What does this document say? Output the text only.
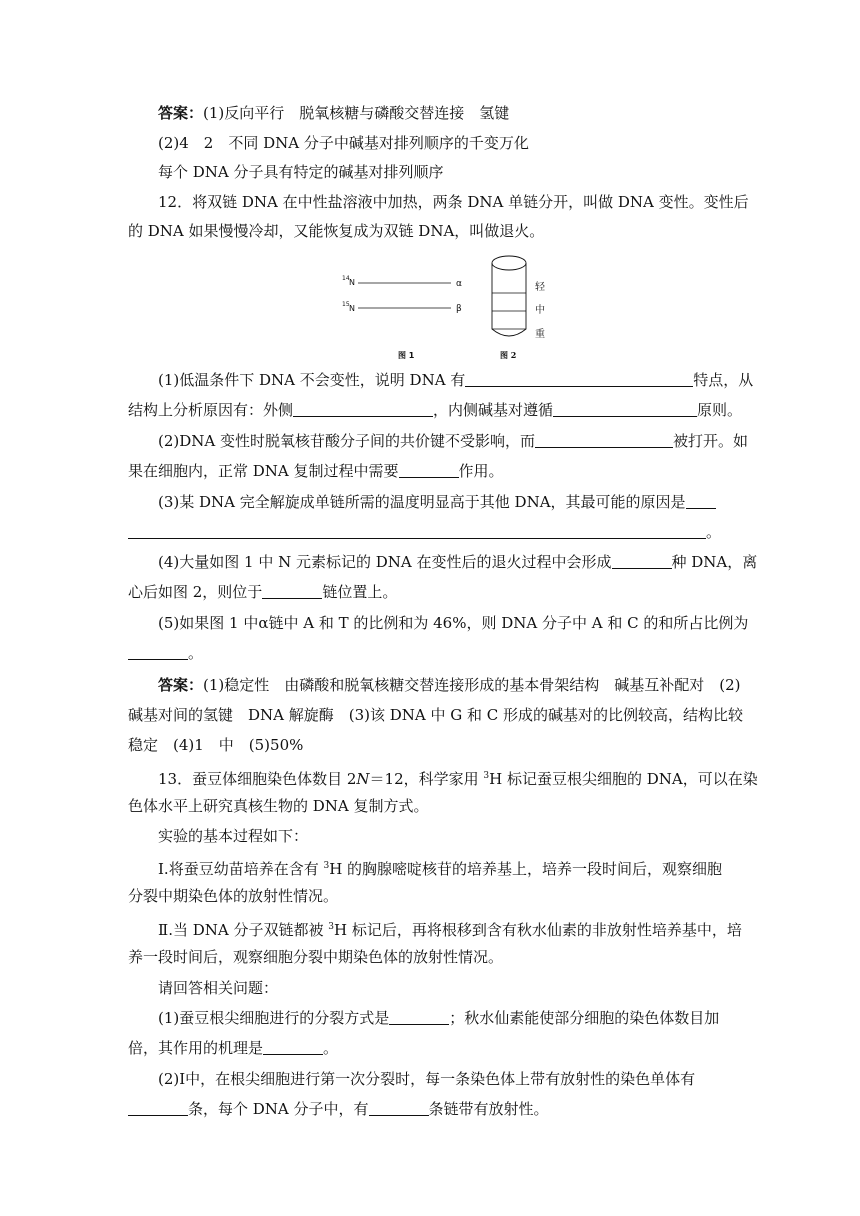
答案：(1)反向平行　脱氧核糖与磷酸交替连接　氢键
(2)4　2　不同 DNA 分子中碱基对排列顺序的千变万化
每个 DNA 分子具有特定的碱基对排列顺序
12．将双链 DNA 在中性盐溶液中加热，两条 DNA 单链分开，叫做 DNA 变性。变性后
的 DNA 如果慢慢冷却，又能恢复成为双链 DNA，叫做退火。
14 N	α
15 N	β
图 1
轻
中
重
图 2
(1)低温条件下 DNA 不会变性，说明 DNA 有	特点，从
结构上分析原因有：外侧	，内侧碱基对遵循	原则。
(2)DNA 变性时脱氧核苷酸分子间的共价键不受影响，而	被打开。如
果在细胞内，正常 DNA 复制过程中需要	作用。
(3)某 DNA 完全解旋成单链所需的温度明显高于其他 DNA，其最可能的原因是
。
(4)大量如图 1 中 N 元素标记的 DNA 在变性后的退火过程中会形成	种 DNA，离
心后如图 2，则位于	链位置上。
(5)如果图 1 中α链中 A 和 T 的比例和为 46%，则 DNA 分子中 A 和 C 的和所占比例为
。
答案：(1)稳定性　由磷酸和脱氧核糖交替连接形成的基本骨架结构　碱基互补配对　(2)
碱基对间的氢键　DNA 解旋酶　(3)该 DNA 中 G 和 C 形成的碱基对的比例较高，结构比较
稳定　(4)1　中　(5)50%
13．蚕豆体细胞染色体数目 2N＝12，科学家用 $^3$H 标记蚕豆根尖细胞的 DNA，可以在染
色体水平上研究真核生物的 DNA 复制方式。
实验的基本过程如下：
Ⅰ.将蚕豆幼苗培养在含有 $^3$H 的胸腺嘧啶核苷的培养基上，培养一段时间后，观察细胞
分裂中期染色体的放射性情况。
Ⅱ.当 DNA 分子双链都被 $^3$H 标记后，再将根移到含有秋水仙素的非放射性培养基中，培
养一段时间后，观察细胞分裂中期染色体的放射性情况。
请回答相关问题：
(1)蚕豆根尖细胞进行的分裂方式是	；秋水仙素能使部分细胞的染色体数目加
倍，其作用的机理是	。
(2)Ⅰ中，在根尖细胞进行第一次分裂时，每一条染色体上带有放射性的染色单体有
条，每个 DNA 分子中，有	条链带有放射性。
